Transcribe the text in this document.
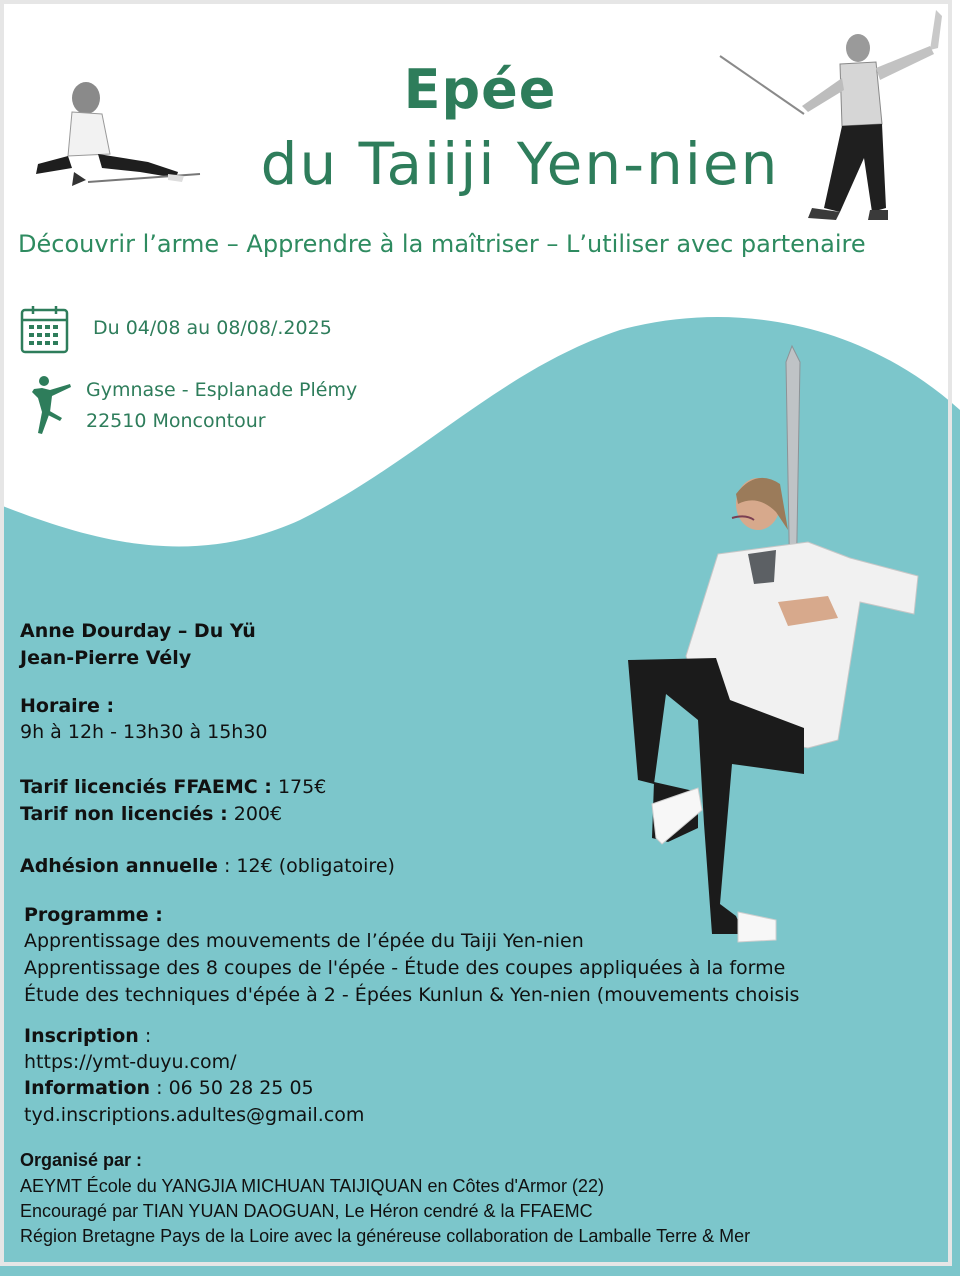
Epée
du Taiiji Yen-nien
Découvrir l’arme – Apprendre à la maîtriser – L’utiliser avec partenaire
Du 04/08 au 08/08/.2025
Gymnase - Esplanade Plémy
22510 Moncontour
Anne Dourday – Du Yü
Jean-Pierre Vély
Horaire :
9h à 12h - 13h30 à 15h30
Tarif licenciés FFAEMC : 175€
Tarif non licenciés : 200€
Adhésion annuelle : 12€ (obligatoire)
Programme :
Apprentissage des mouvements de l’épée du Taiji Yen-nien
Apprentissage des 8 coupes de l'épée - Étude des coupes appliquées à la forme
Étude des techniques d'épée à 2 - Épées Kunlun & Yen-nien (mouvements choisis
Inscription :
https://ymt-duyu.com/
Information : 06 50 28 25 05
tyd.inscriptions.adultes@gmail.com
Organisé par :
AEYMT École du YANGJIA MICHUAN TAIJIQUAN en Côtes d'Armor (22)
Encouragé par TIAN YUAN DAOGUAN, Le Héron cendré & la FFAEMC
Région Bretagne Pays de la Loire avec la généreuse collaboration de Lamballe Terre & Mer
